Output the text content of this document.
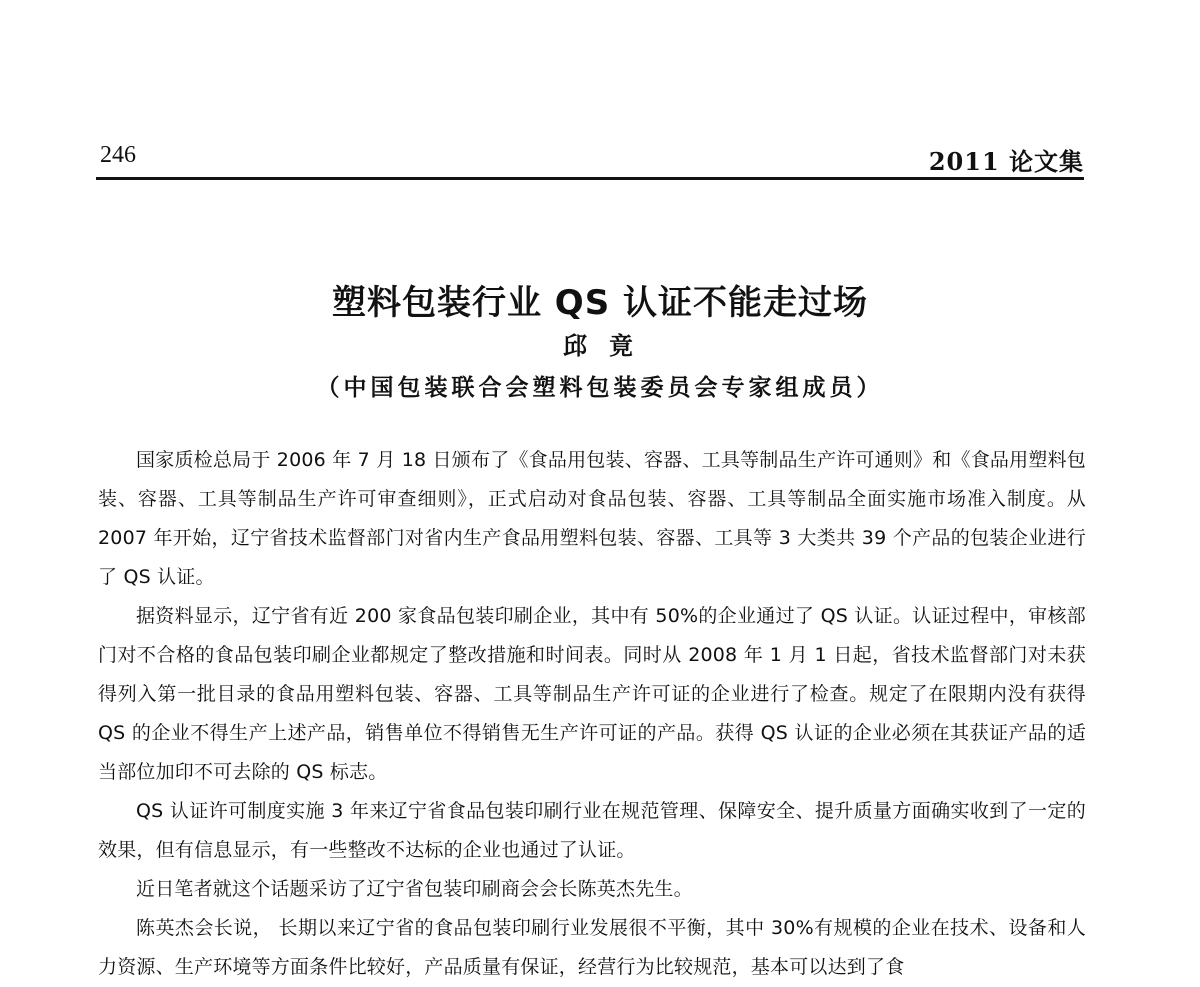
246	2011 论文集
塑料包装行业 QS 认证不能走过场
邱竟
（中国包装联合会塑料包装委员会专家组成员）

国家质检总局于 2006 年 7 月 18 日颁布了《食品用包装、容器、工具等制品生产许可通则》和《食品用塑料包装、容器、工具等制品生产许可审查细则》，正式启动对食品包装、容器、工具等制品全面实施市场准入制度。从 2007 年开始，辽宁省技术监督部门对省内生产食品用塑料包装、容器、工具等 3 大类共 39 个产品的包装企业进行了 QS 认证。

据资料显示，辽宁省有近 200 家食品包装印刷企业，其中有 50%的企业通过了 QS 认证。认证过程中，审核部门对不合格的食品包装印刷企业都规定了整改措施和时间表。同时从 2008 年 1 月 1 日起，省技术监督部门对未获得列入第一批目录的食品用塑料包装、容器、工具等制品生产许可证的企业进行了检查。规定了在限期内没有获得 QS 的企业不得生产上述产品，销售单位不得销售无生产许可证的产品。获得 QS 认证的企业必须在其获证产品的适当部位加印不可去除的 QS 标志。

QS 认证许可制度实施 3 年来辽宁省食品包装印刷行业在规范管理、保障安全、提升质量方面确实收到了一定的效果，但有信息显示，有一些整改不达标的企业也通过了认证。

近日笔者就这个话题采访了辽宁省包装印刷商会会长陈英杰先生。

陈英杰会长说， 长期以来辽宁省的食品包装印刷行业发展很不平衡，其中 30%有规模的企业在技术、设备和人力资源、生产环境等方面条件比较好，产品质量有保证，经营行为比较规范，基本可以达到了食
